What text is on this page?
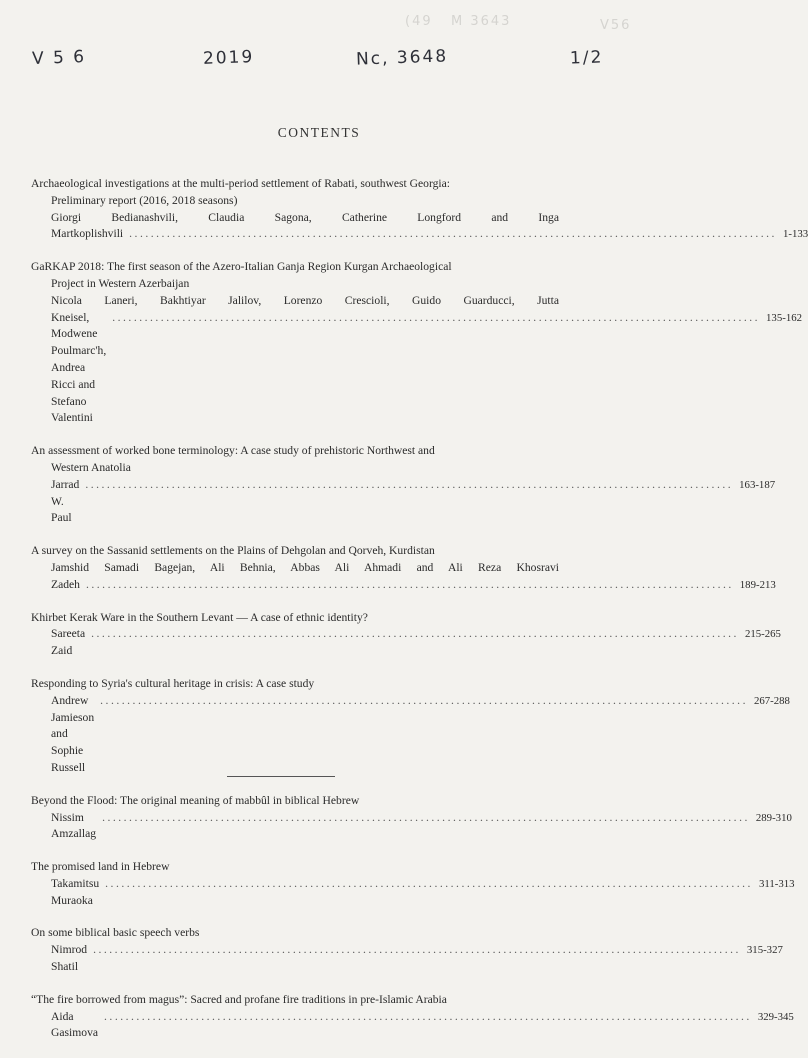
(49   M 3643	V56
V 5 6	2019	Nc, 3648	1/2
CONTENTS
Archaeological investigations at the multi-period settlement of Rabati, southwest Georgia:
Preliminary report (2016, 2018 seasons)
Giorgi Bedianashvili, Claudia Sagona, Catherine Longford and Inga
Martkoplishvili ........................................................................................................................ 1-133
GaRKAP 2018: The first season of the Azero-Italian Ganja Region Kurgan Archaeological
Project in Western Azerbaijan
Nicola Laneri, Bakhtiyar Jalilov, Lorenzo Crescioli, Guido Guarducci, Jutta
Kneisel, Modwene Poulmarc'h, Andrea Ricci and Stefano Valentini
........................................................................................................................ 135-162
An assessment of worked bone terminology: A case study of prehistoric Northwest and
Western Anatolia
Jarrad W. Paul
........................................................................................................................ 163-187
A survey on the Sassanid settlements on the Plains of Dehgolan and Qorveh, Kurdistan
Jamshid Samadi Bagejan, Ali Behnia, Abbas Ali Ahmadi and Ali Reza Khosravi
Zadeh ........................................................................................................................ 189-213
Khirbet Kerak Ware in the Southern Levant — A case of ethnic identity?
Sareeta Zaid
........................................................................................................................ 215-265
Responding to Syria's cultural heritage in crisis: A case study
Andrew Jamieson and Sophie Russell
........................................................................................................................ 267-288
Beyond the Flood: The original meaning of mabbûl in biblical Hebrew
Nissim Amzallag
........................................................................................................................ 289-310
The promised land in Hebrew
Takamitsu Muraoka
........................................................................................................................ 311-313
On some biblical basic speech verbs
Nimrod Shatil
........................................................................................................................ 315-327
“The fire borrowed from magus”: Sacred and profane fire traditions in pre-Islamic Arabia
Aida Gasimova
........................................................................................................................ 329-345
